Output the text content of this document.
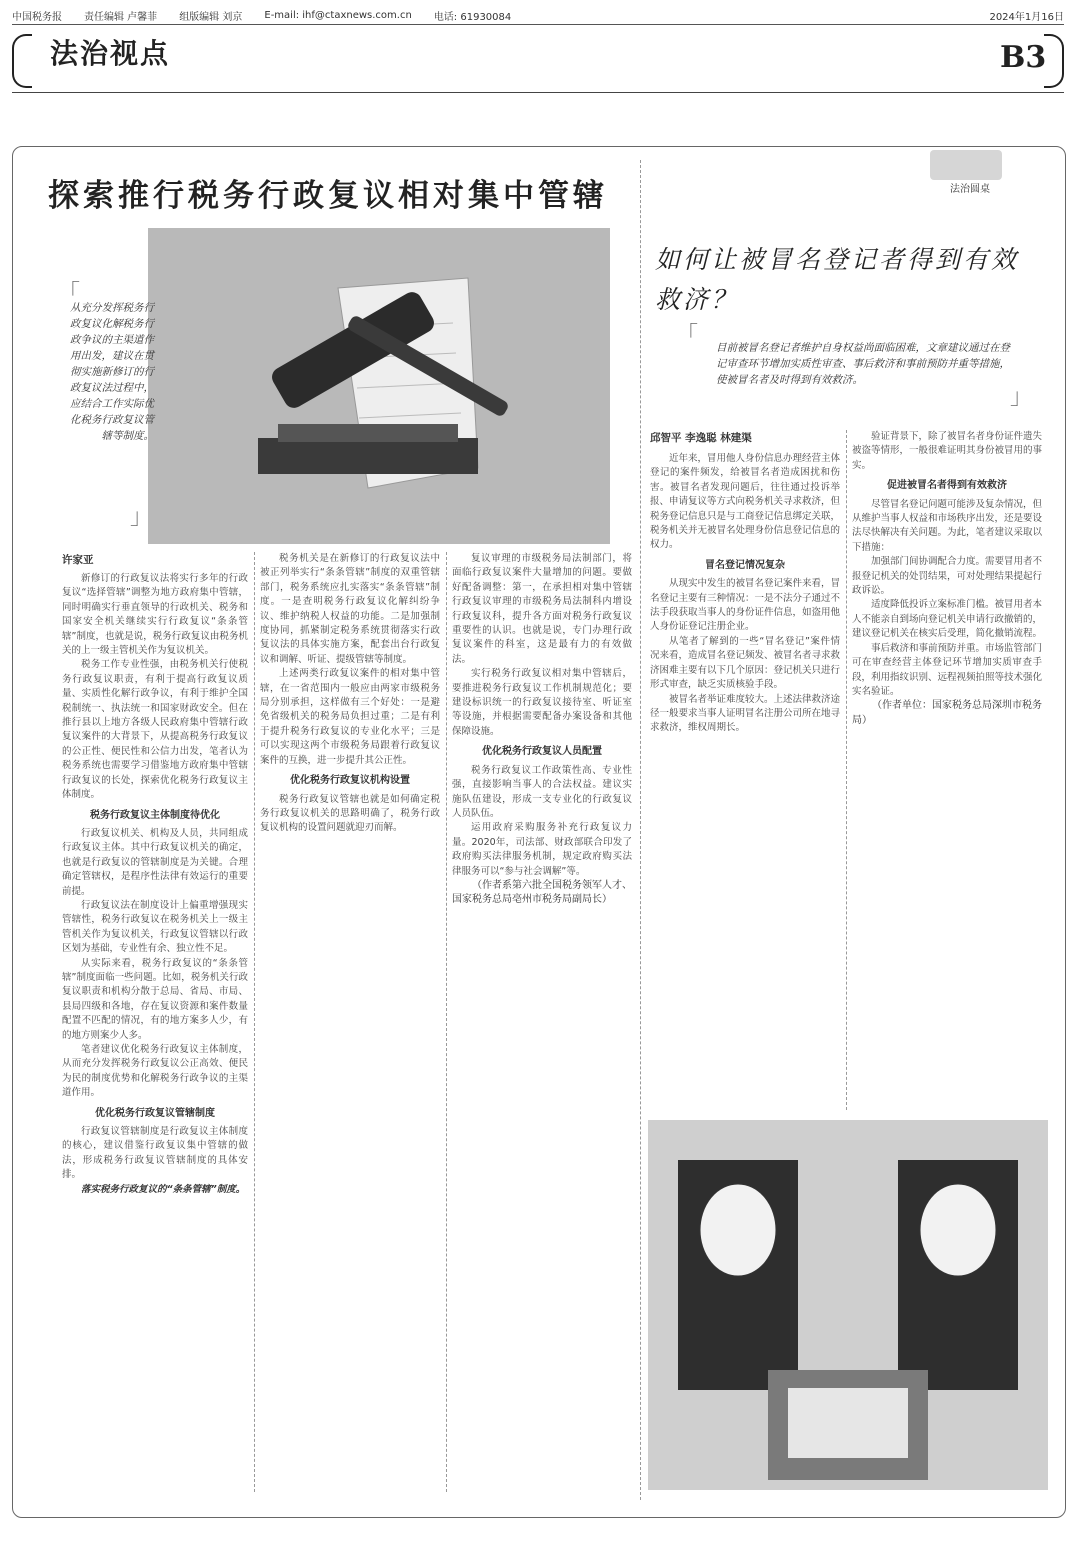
中国税务报 责任编辑 卢馨菲 组版编辑 刘京 E-mail: ihf@ctaxnews.com.cn 电话: 61930084	2024年1月16日
法治视点	B3
探索推行税务行政复议相对集中管辖
「
从充分发挥税务行政复议化解税务行政争议的主渠道作用出发，建议在贯彻实施新修订的行政复议法过程中，应结合工作实际优化税务行政复议管辖等制度。
」
许家亚

新修订的行政复议法将实行多年的行政复议“选择管辖”调整为地方政府集中管辖，同时明确实行垂直领导的行政机关、税务和国家安全机关继续实行行政复议“条条管辖”制度，也就是说，税务行政复议由税务机关的上一级主管机关作为复议机关。

税务工作专业性强，由税务机关行使税务行政复议职责，有利于提高行政复议质量、实质性化解行政争议，有利于维护全国税制统一、执法统一和国家财政安全。但在推行县以上地方各级人民政府集中管辖行政复议案件的大背景下，从提高税务行政复议的公正性、便民性和公信力出发，笔者认为税务系统也需要学习借鉴地方政府集中管辖行政复议的长处，探索优化税务行政复议主体制度。

税务行政复议主体制度待优化

行政复议机关、机构及人员，共同组成行政复议主体。其中行政复议机关的确定，也就是行政复议的管辖制度是为关键。合理确定管辖权，是程序性法律有效运行的重要前提。

行政复议法在制度设计上偏重增强现实管辖性，税务行政复议在税务机关上一级主管机关作为复议机关，行政复议管辖以行政区划为基础，专业性有余、独立性不足。

从实际来看，税务行政复议的“条条管辖”制度面临一些问题。比如，税务机关行政复议职责和机构分散于总局、省局、市局、县局四级和各地，存在复议资源和案件数量配置不匹配的情况，有的地方案多人少，有的地方则案少人多。

笔者建议优化税务行政复议主体制度，从而充分发挥税务行政复议公正高效、便民为民的制度优势和化解税务行政争议的主渠道作用。

优化税务行政复议管辖制度

行政复议管辖制度是行政复议主体制度的核心，建议借鉴行政复议集中管辖的做法，形成税务行政复议管辖制度的具体安排。

落实税务行政复议的“条条管辖”制度。

税务机关是在新修订的行政复议法中被正列举实行“条条管辖”制度的双重管辖部门，税务系统应扎实落实“条条管辖”制度。一是查明税务行政复议化解纠纷争议、维护纳税人权益的功能。二是加强制度协同，抓紧制定税务系统贯彻落实行政复议法的具体实施方案，配套出台行政复议和调解、听证、提级管辖等制度。

上述两类行政复议案件的相对集中管辖，在一省范围内一般应由两家市级税务局分别承担，这样做有三个好处：一是避免省级机关的税务局负担过重；二是有利于提升税务行政复议的专业化水平；三是可以实现这两个市级税务局跟着行政复议案件的互换，进一步提升其公正性。

优化税务行政复议机构设置

税务行政复议管辖也就是如何确定税务行政复议机关的思路明确了，税务行政复议机构的设置问题就迎刃而解。

复议审理的市级税务局法制部门，将面临行政复议案件大量增加的问题。要做好配备调整：第一，在承担相对集中管辖行政复议审理的市级税务局法制科内增设行政复议科，提升各方面对税务行政复议重要性的认识。也就是说，专门办理行政复议案件的科室，这是最有力的有效做法。

实行税务行政复议相对集中管辖后，要推进税务行政复议工作机制规范化；要建设标识统一的行政复议接待室、听证室等设施，并根据需要配备办案设备和其他保障设施。

优化税务行政复议人员配置

税务行政复议工作政策性高、专业性强，直接影响当事人的合法权益。建议实施队伍建设，形成一支专业化的行政复议人员队伍。

运用政府采购服务补充行政复议力量。2020年，司法部、财政部联合印发了政府购买法律服务机制，规定政府购买法律服务可以“参与社会调解”等。

（作者系第六批全国税务领军人才、国家税务总局亳州市税务局副局长）

法治圆桌
如何让被冒名登记者得到有效救济？
「 目前被冒名登记者维护自身权益尚面临困难，文章建议通过在登记审查环节增加实质性审查、事后救济和事前预防并重等措施，使被冒名者及时得到有效救济。
」
邱智平 李逸聪 林建渠

近年来，冒用他人身份信息办理经营主体登记的案件频发，给被冒名者造成困扰和伤害。被冒名者发现问题后，往往通过投诉举报、申请复议等方式向税务机关寻求救济，但税务登记信息只是与工商登记信息绑定关联，税务机关并无被冒名处理身份信息登记信息的权力。

冒名登记情况复杂

从现实中发生的被冒名登记案件来看，冒名登记主要有三种情况：一是不法分子通过不法手段获取当事人的身份证件信息，如盗用他人身份证登记注册企业。

从笔者了解到的一些“冒名登记”案件情况来看，造成冒名登记频发、被冒名者寻求救济困难主要有以下几个原因：登记机关只进行形式审查，缺乏实质核验手段。

被冒名者举证难度较大。上述法律救济途径一般要求当事人证明冒名注册公司所在地寻求救济，维权周期长。

验证背景下，除了被冒名者身份证件遗失被盗等情形，一般很难证明其身份被冒用的事实。

促进被冒名者得到有效救济

尽管冒名登记问题可能涉及复杂情况，但从维护当事人权益和市场秩序出发，还是要设法尽快解决有关问题。为此，笔者建议采取以下措施：

加强部门间协调配合力度。需要冒用者不报登记机关的处罚结果，可对处理结果提起行政诉讼。

适度降低投诉立案标准门槛。被冒用者本人不能亲自到场向登记机关申请行政撤销的，建议登记机关在核实后受理，简化撤销流程。

事后救济和事前预防并重。市场监管部门可在审查经营主体登记环节增加实质审查手段，利用指纹识别、远程视频拍照等技术强化实名验证。

（作者单位：国家税务总局深圳市税务局）
